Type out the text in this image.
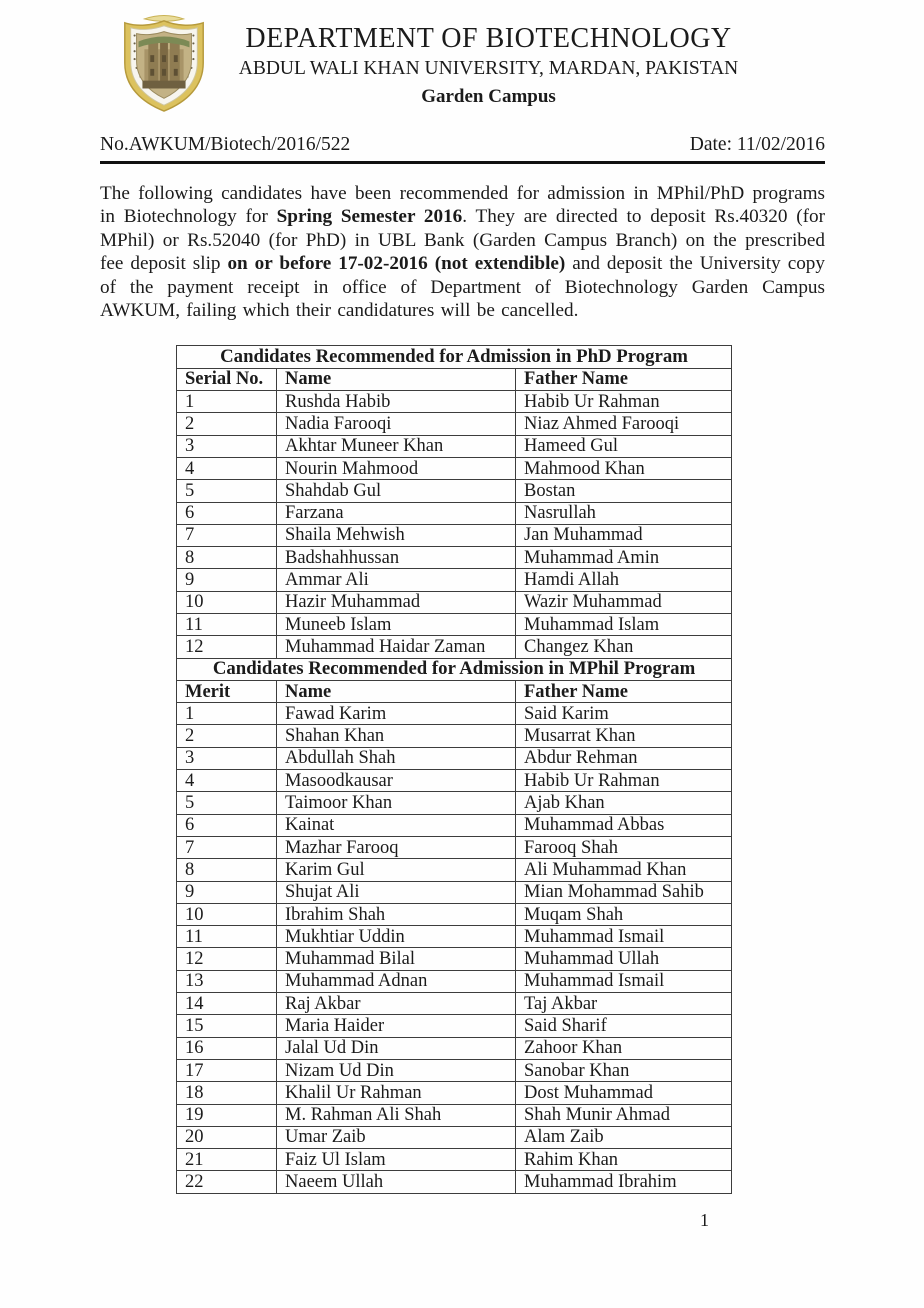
DEPARTMENT OF BIOTECHNOLOGY
ABDUL WALI KHAN UNIVERSITY, MARDAN, PAKISTAN
Garden Campus
No.AWKUM/Biotech/2016/522	Date: 11/02/2016

The following candidates have been recommended for admission in MPhil/PhD programs in Biotechnology for Spring Semester 2016. They are directed to deposit Rs.40320 (for MPhil) or Rs.52040 (for PhD) in UBL Bank (Garden Campus Branch) on the prescribed fee deposit slip on or before 17-02-2016 (not extendible) and deposit the University copy of the payment receipt in office of Department of Biotechnology Garden Campus AWKUM, failing which their candidatures will be cancelled.

Candidates Recommended for Admission in PhD Program		
Serial No.	Name	Father Name
1	Rushda Habib	Habib Ur Rahman
2	Nadia Farooqi	Niaz Ahmed Farooqi
3	Akhtar Muneer Khan	Hameed Gul
4	Nourin Mahmood	Mahmood Khan
5	Shahdab Gul	Bostan
6	Farzana	Nasrullah
7	Shaila Mehwish	Jan Muhammad
8	Badshahhussan	Muhammad Amin
9	Ammar Ali	Hamdi Allah
10	Hazir Muhammad	Wazir Muhammad
11	Muneeb Islam	Muhammad Islam
12	Muhammad Haidar Zaman	Changez Khan
Candidates Recommended for Admission in MPhil Program		
Merit	Name	Father Name
1	Fawad Karim	Said Karim
2	Shahan Khan	Musarrat Khan
3	Abdullah Shah	Abdur Rehman
4	Masoodkausar	Habib Ur Rahman
5	Taimoor Khan	Ajab Khan
6	Kainat	Muhammad Abbas
7	Mazhar Farooq	Farooq Shah
8	Karim Gul	Ali Muhammad Khan
9	Shujat Ali	Mian Mohammad Sahib
10	Ibrahim Shah	Muqam Shah
11	Mukhtiar Uddin	Muhammad Ismail
12	Muhammad Bilal	Muhammad Ullah
13	Muhammad Adnan	Muhammad Ismail
14	Raj Akbar	Taj Akbar
15	Maria Haider	Said Sharif
16	Jalal Ud Din	Zahoor Khan
17	Nizam Ud Din	Sanobar Khan
18	Khalil Ur Rahman	Dost Muhammad
19	M. Rahman Ali Shah	Shah Munir Ahmad
20	Umar Zaib	Alam Zaib
21	Faiz Ul Islam	Rahim Khan
22	Naeem Ullah	Muhammad Ibrahim
1
